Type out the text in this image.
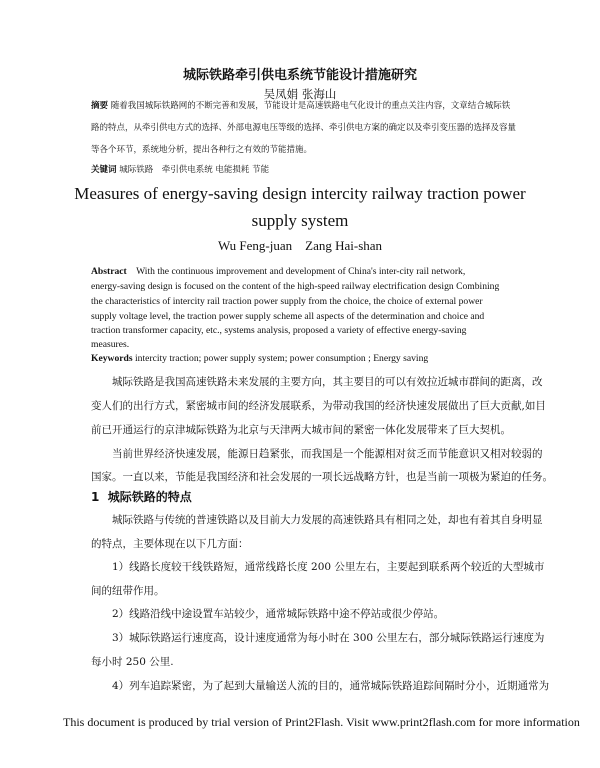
城际铁路牵引供电系统节能设计措施研究
吴凤娟 张海山
摘要 随着我国城际铁路网的不断完善和发展，节能设计是高速铁路电气化设计的重点关注内容，文章结合城际铁
路的特点，从牵引供电方式的选择、外部电源电压等级的选择、牵引供电方案的确定以及牵引变压器的选择及容量
等各个环节，系统地分析，提出各种行之有效的节能措施。
关键词 城际铁路　牵引供电系统 电能损耗 节能
Measures of energy-saving design intercity railway traction power
supply system
Wu Feng-juan    Zang Hai-shan
Abstract With the continuous improvement and development of China's inter-city rail network,
energy-saving design is focused on the content of the high-speed railway electrification design Combining
the characteristics of intercity rail traction power supply from the choice, the choice of external power
supply voltage level, the traction power supply scheme all aspects of the determination and choice and
traction transformer capacity, etc., systems analysis, proposed a variety of effective energy-saving
measures.
Keywords intercity traction; power supply system; power consumption ; Energy saving
城际铁路是我国高速铁路未来发展的主要方向，其主要目的可以有效拉近城市群间的距离，改
变人们的出行方式，紧密城市间的经济发展联系，为带动我国的经济快速发展做出了巨大贡献,如目
前已开通运行的京津城际铁路为北京与天津两大城市间的紧密一体化发展带来了巨大契机。
当前世界经济快速发展，能源日趋紧张，而我国是一个能源相对贫乏而节能意识又相对较弱的
国家。一直以来，节能是我国经济和社会发展的一项长远战略方针，也是当前一项极为紧迫的任务。
1  城际铁路的特点
城际铁路与传统的普速铁路以及目前大力发展的高速铁路具有相同之处，却也有着其自身明显
的特点，主要体现在以下几方面：
1）线路长度较干线铁路短，通常线路长度 200 公里左右，主要起到联系两个较近的大型城市
间的纽带作用。
2）线路沿线中途设置车站较少，通常城际铁路中途不停站或很少停站。
3）城际铁路运行速度高，设计速度通常为每小时在 300 公里左右，部分城际铁路运行速度为
每小时 250 公里.
4）列车追踪紧密，为了起到大量输送人流的目的，通常城际铁路追踪间隔时分小，近期通常为
This document is produced by trial version of Print2Flash. Visit www.print2flash.com for more information
